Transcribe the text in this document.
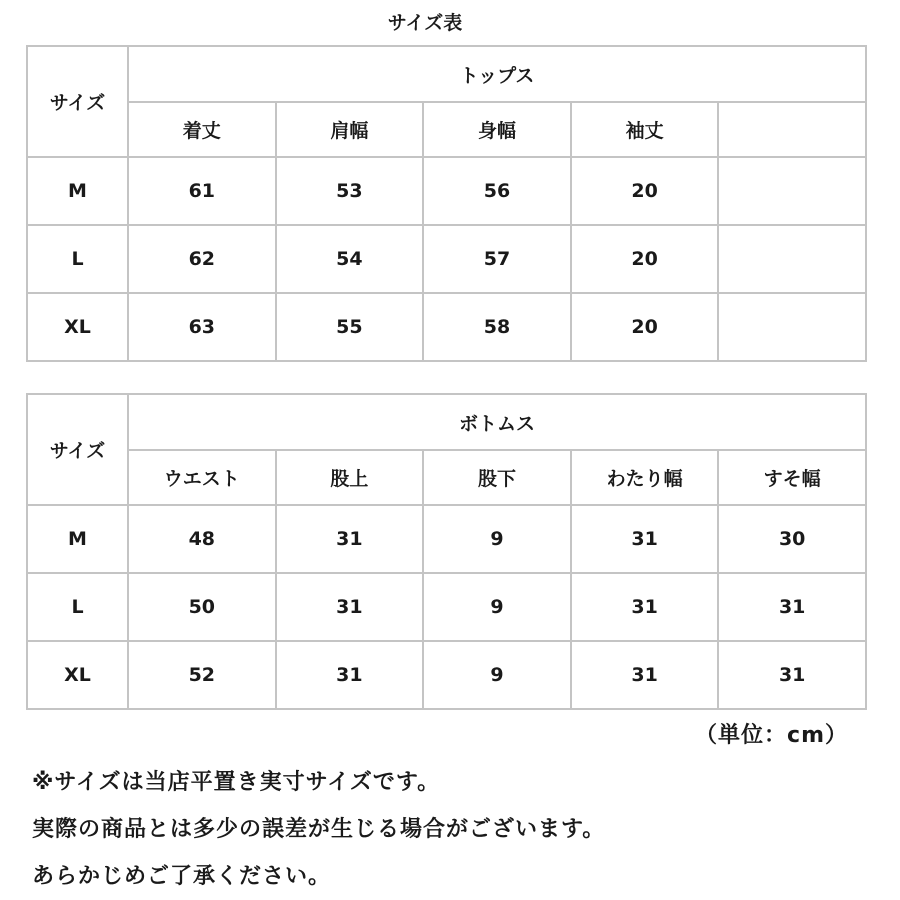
サイズ表
サイズ	トップス				
	着丈	肩幅	身幅	袖丈	
M	61	53	56	20	
L	62	54	57	20	
XL	63	55	58	20	
サイズ	ボトムス				
	ウエスト	股上	股下	わたり幅	すそ幅
M	48	31	9	31	30
L	50	31	9	31	31
XL	52	31	9	31	31
（単位：cm）
※サイズは当店平置き実寸サイズです。
実際の商品とは多少の誤差が生じる場合がございます。
あらかじめご了承ください。
